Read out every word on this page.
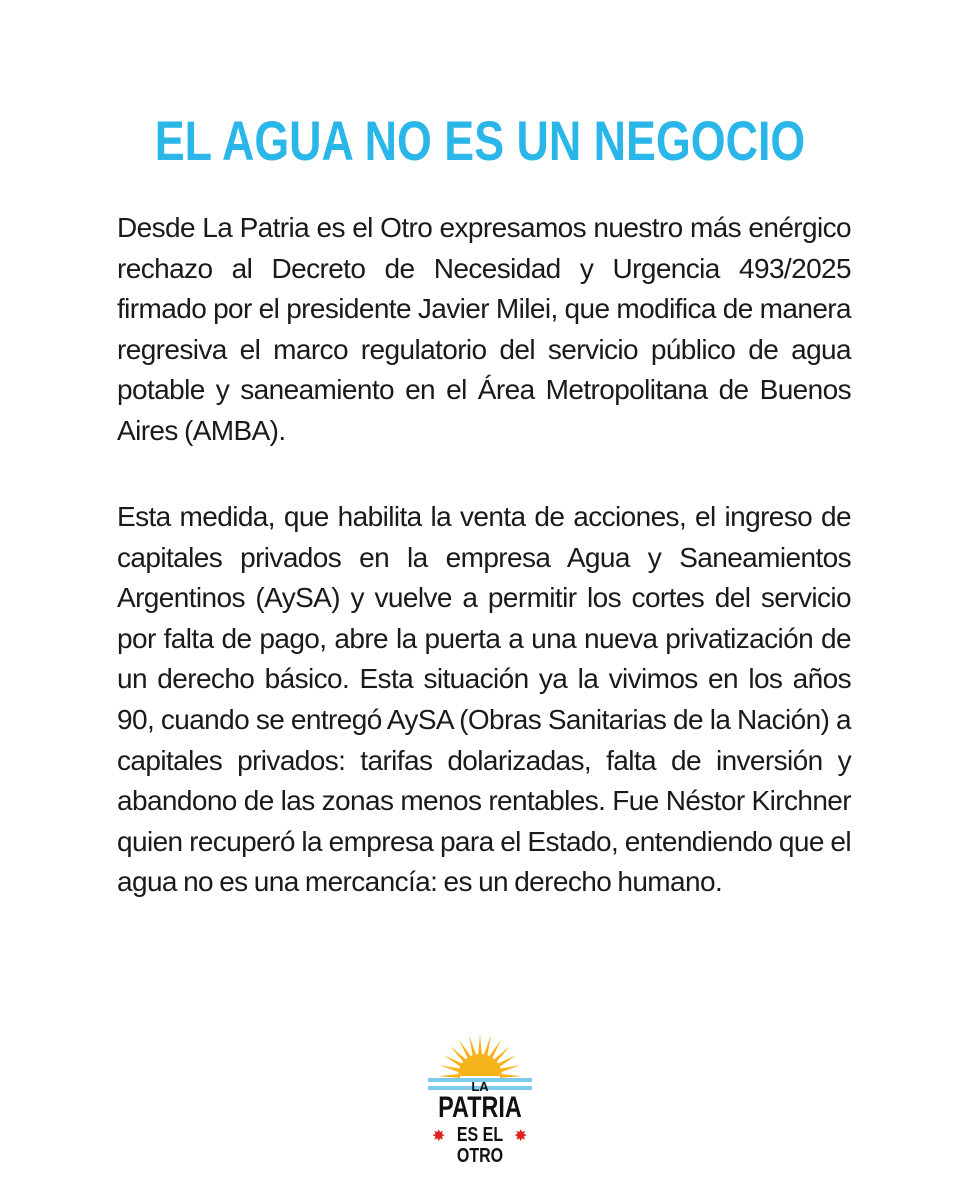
EL AGUA NO ES UN NEGOCIO

Desde La Patria es el Otro expresamos nuestro más enérgico rechazo al Decreto de Necesidad y Urgencia 493/2025 firmado por el presidente Javier Milei, que modifica de manera regresiva el marco regulatorio del servicio público de agua potable y saneamiento en el Área Metropolitana de Buenos Aires (AMBA).

Esta medida, que habilita la venta de acciones, el ingreso de capitales privados en la empresa Agua y Saneamientos Argentinos (AySA) y vuelve a permitir los cortes del servicio por falta de pago, abre la puerta a una nueva privatización de un derecho básico. Esta situación ya la vivimos en los años 90, cuando se entregó AySA (Obras Sanitarias de la Nación) a capitales privados: tarifas dolarizadas, falta de inversión y abandono de las zonas menos rentables. Fue Néstor Kirchner quien recuperó la empresa para el Estado, entendiendo que el agua no es una mercancía: es un derecho humano.

LA

PATRIA

✸ ES EL ✸

OTRO
